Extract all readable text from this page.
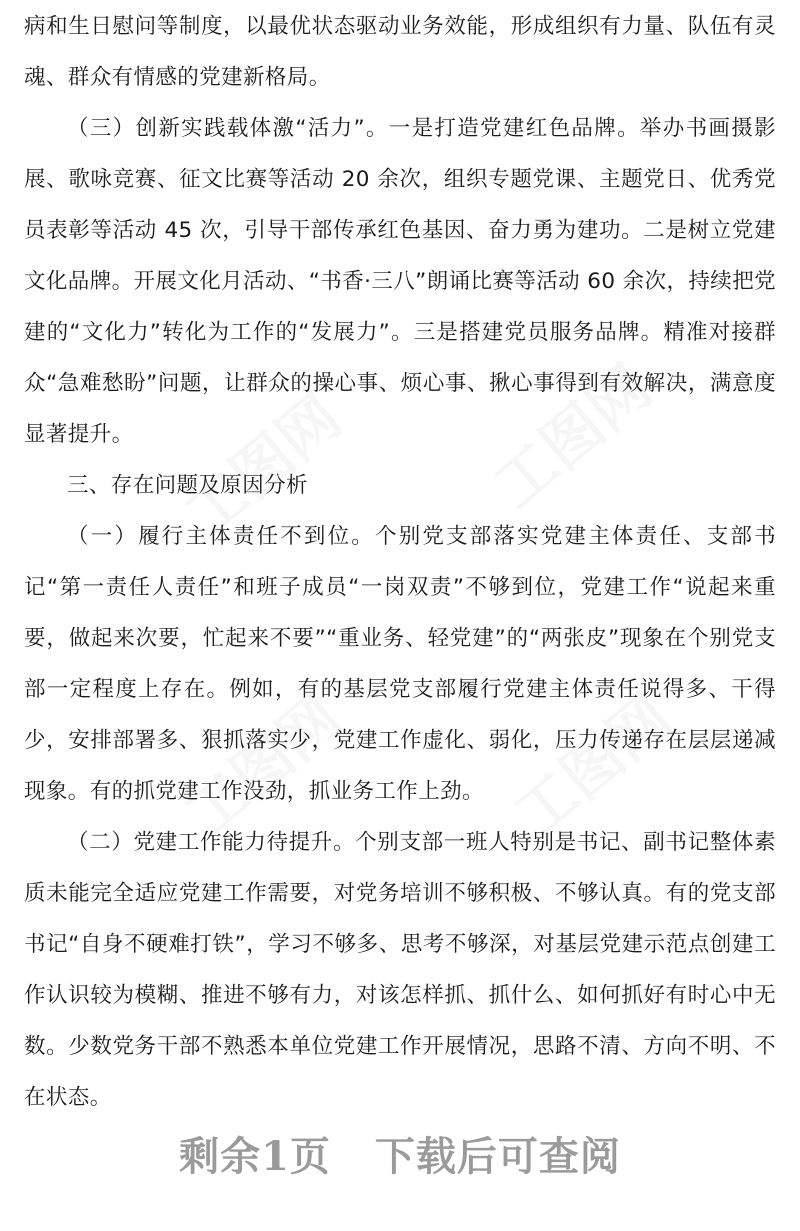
病和生日慰问等制度，以最优状态驱动业务效能，形成组织有力量、队伍有灵魂、群众有情感的党建新格局。

（三）创新实践载体激“活力”。一是打造党建红色品牌。举办书画摄影展、歌咏竞赛、征文比赛等活动 20 余次，组织专题党课、主题党日、优秀党员表彰等活动 45 次，引导干部传承红色基因、奋力勇为建功。二是树立党建文化品牌。开展文化月活动、“书香·三八”朗诵比赛等活动 60 余次，持续把党建的“文化力”转化为工作的“发展力”。三是搭建党员服务品牌。精准对接群众“急难愁盼”问题，让群众的操心事、烦心事、揪心事得到有效解决，满意度显著提升。

三、存在问题及原因分析

（一）履行主体责任不到位。个别党支部落实党建主体责任、支部书记“第一责任人责任”和班子成员“一岗双责”不够到位，党建工作“说起来重要，做起来次要，忙起来不要”“重业务、轻党建”的“两张皮”现象在个别党支部一定程度上存在。例如，有的基层党支部履行党建主体责任说得多、干得少，安排部署多、狠抓落实少，党建工作虚化、弱化，压力传递存在层层递减现象。有的抓党建工作没劲，抓业务工作上劲。

（二）党建工作能力待提升。个别支部一班人特别是书记、副书记整体素质未能完全适应党建工作需要，对党务培训不够积极、不够认真。有的党支部书记“自身不硬难打铁”，学习不够多、思考不够深，对基层党建示范点创建工作认识较为模糊、推进不够有力，对该怎样抓、抓什么、如何抓好有时心中无数。少数党务干部不熟悉本单位党建工作开展情况，思路不清、方向不明、不在状态。

剩余1页 下载后可查阅
